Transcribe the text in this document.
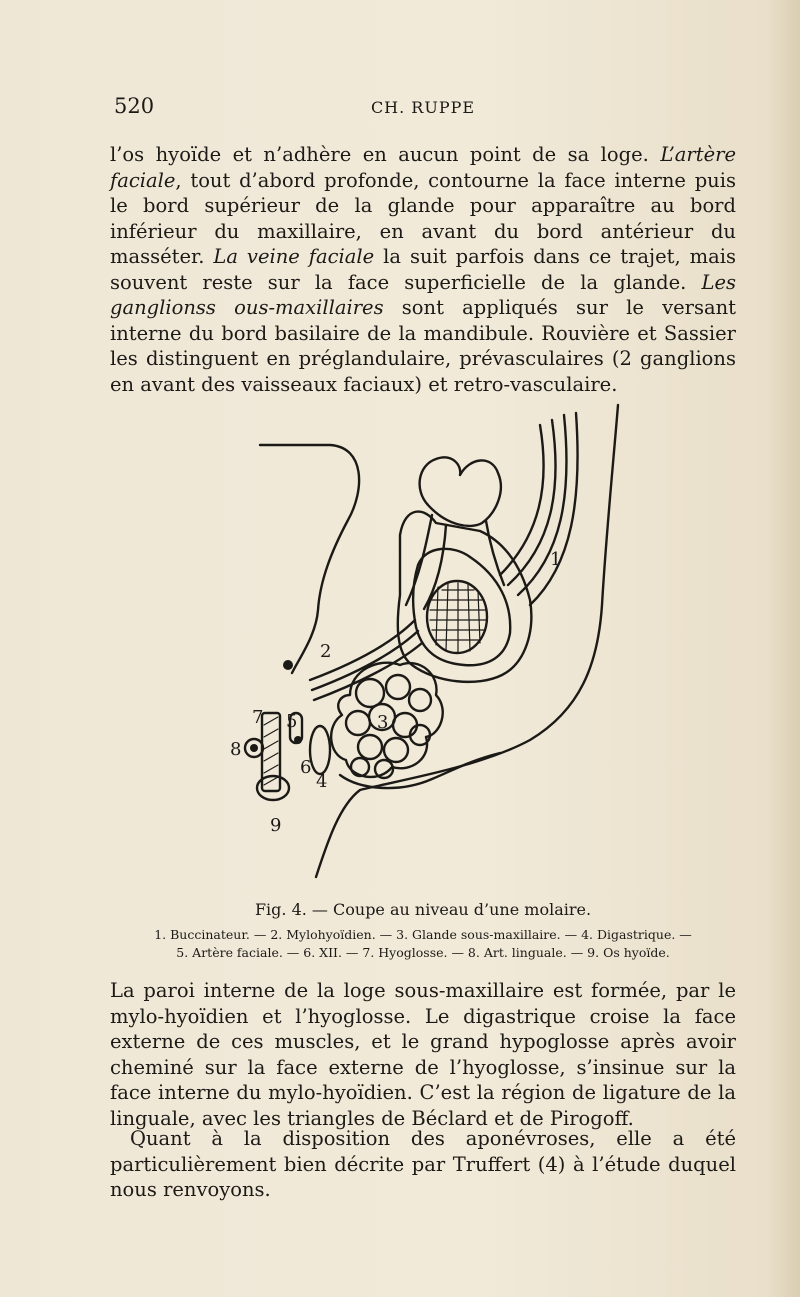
520	CH. RUPPE
l’os hyoïde et n’adhère en aucun point de sa loge. L’artère faciale, tout d’abord profonde, contourne la face interne puis le bord supérieur de la glande pour apparaître au bord inférieur du maxillaire, en avant du bord antérieur du masséter. La veine faciale la suit parfois dans ce trajet, mais souvent reste sur la face superficielle de la glande. Les ganglionss ous-maxillaires sont appliqués sur le versant interne du bord basilaire de la mandibule. Rouvière et Sassier les distinguent en préglandulaire, prévasculaires (2 ganglions en avant des vaisseaux faciaux) et retro-vasculaire.
1
2
3
4
5
6
7
8
9
Fig. 4. — Coupe au niveau d’une molaire.
1. Buccinateur. — 2. Mylohyoïdien. — 3. Glande sous-maxillaire. — 4. Digastrique. —
5. Artère faciale. — 6. XII. — 7. Hyoglosse. — 8. Art. linguale. — 9. Os hyoïde.
La paroi interne de la loge sous-maxillaire est formée, par le mylo-hyoïdien et l’hyoglosse. Le digastrique croise la face externe de ces muscles, et le grand hypoglosse après avoir cheminé sur la face externe de l’hyoglosse, s’insinue sur la face interne du mylo-hyoïdien. C’est la région de ligature de la linguale, avec les triangles de Béclard et de Pirogoff.
Quant à la disposition des aponévroses, elle a été particulièrement bien décrite par Truffert (4) à l’étude duquel nous renvoyons.
